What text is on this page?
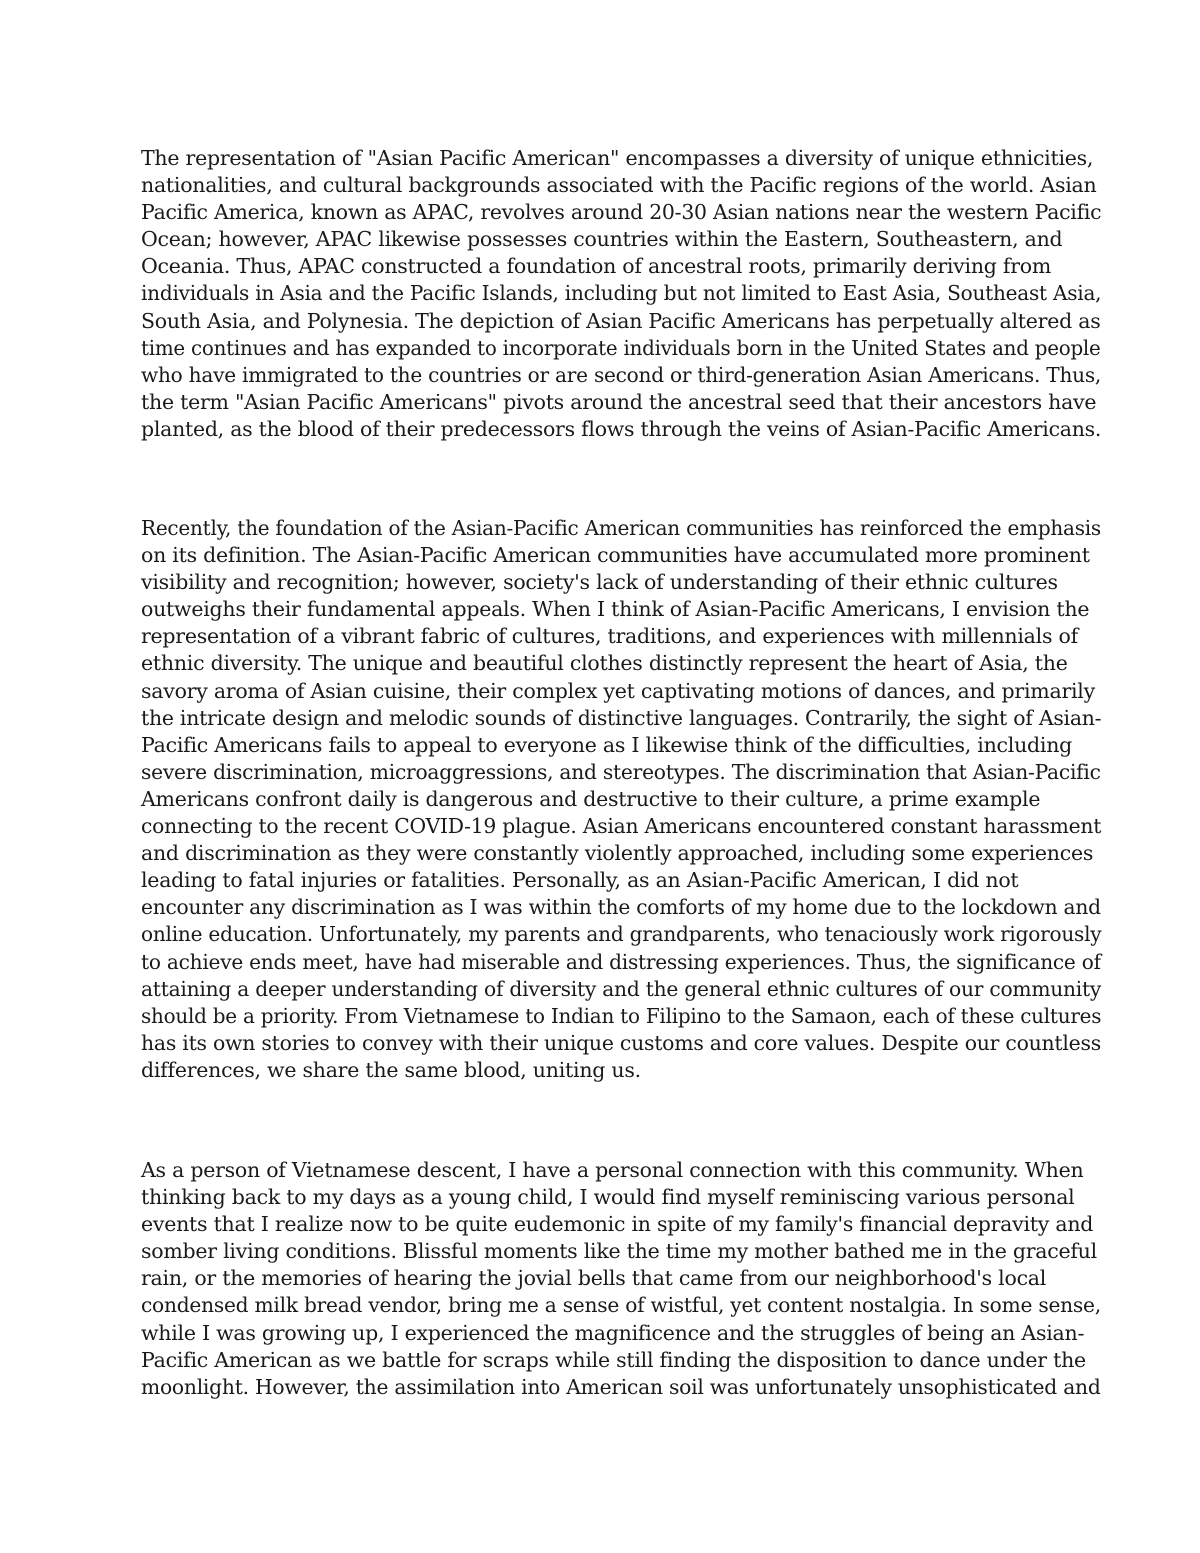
The representation of "Asian Pacific American" encompasses a diversity of unique ethnicities,
nationalities, and cultural backgrounds associated with the Pacific regions of the world. Asian
Pacific America, known as APAC, revolves around 20-30 Asian nations near the western Pacific
Ocean; however, APAC likewise possesses countries within the Eastern, Southeastern, and
Oceania. Thus, APAC constructed a foundation of ancestral roots, primarily deriving from
individuals in Asia and the Pacific Islands, including but not limited to East Asia, Southeast Asia,
South Asia, and Polynesia. The depiction of Asian Pacific Americans has perpetually altered as
time continues and has expanded to incorporate individuals born in the United States and people
who have immigrated to the countries or are second or third-generation Asian Americans. Thus,
the term "Asian Pacific Americans" pivots around the ancestral seed that their ancestors have
planted, as the blood of their predecessors flows through the veins of Asian-Pacific Americans.

Recently, the foundation of the Asian-Pacific American communities has reinforced the emphasis
on its definition. The Asian-Pacific American communities have accumulated more prominent
visibility and recognition; however, society's lack of understanding of their ethnic cultures
outweighs their fundamental appeals. When I think of Asian-Pacific Americans, I envision the
representation of a vibrant fabric of cultures, traditions, and experiences with millennials of
ethnic diversity. The unique and beautiful clothes distinctly represent the heart of Asia, the
savory aroma of Asian cuisine, their complex yet captivating motions of dances, and primarily
the intricate design and melodic sounds of distinctive languages. Contrarily, the sight of Asian-
Pacific Americans fails to appeal to everyone as I likewise think of the difficulties, including
severe discrimination, microaggressions, and stereotypes. The discrimination that Asian-Pacific
Americans confront daily is dangerous and destructive to their culture, a prime example
connecting to the recent COVID-19 plague. Asian Americans encountered constant harassment
and discrimination as they were constantly violently approached, including some experiences
leading to fatal injuries or fatalities. Personally, as an Asian-Pacific American, I did not
encounter any discrimination as I was within the comforts of my home due to the lockdown and
online education. Unfortunately, my parents and grandparents, who tenaciously work rigorously
to achieve ends meet, have had miserable and distressing experiences. Thus, the significance of
attaining a deeper understanding of diversity and the general ethnic cultures of our community
should be a priority. From Vietnamese to Indian to Filipino to the Samaon, each of these cultures
has its own stories to convey with their unique customs and core values. Despite our countless
differences, we share the same blood, uniting us.

As a person of Vietnamese descent, I have a personal connection with this community. When
thinking back to my days as a young child, I would find myself reminiscing various personal
events that I realize now to be quite eudemonic in spite of my family's financial depravity and
somber living conditions. Blissful moments like the time my mother bathed me in the graceful
rain, or the memories of hearing the jovial bells that came from our neighborhood's local
condensed milk bread vendor, bring me a sense of wistful, yet content nostalgia. In some sense,
while I was growing up, I experienced the magnificence and the struggles of being an Asian-
Pacific American as we battle for scraps while still finding the disposition to dance under the
moonlight. However, the assimilation into American soil was unfortunately unsophisticated and
